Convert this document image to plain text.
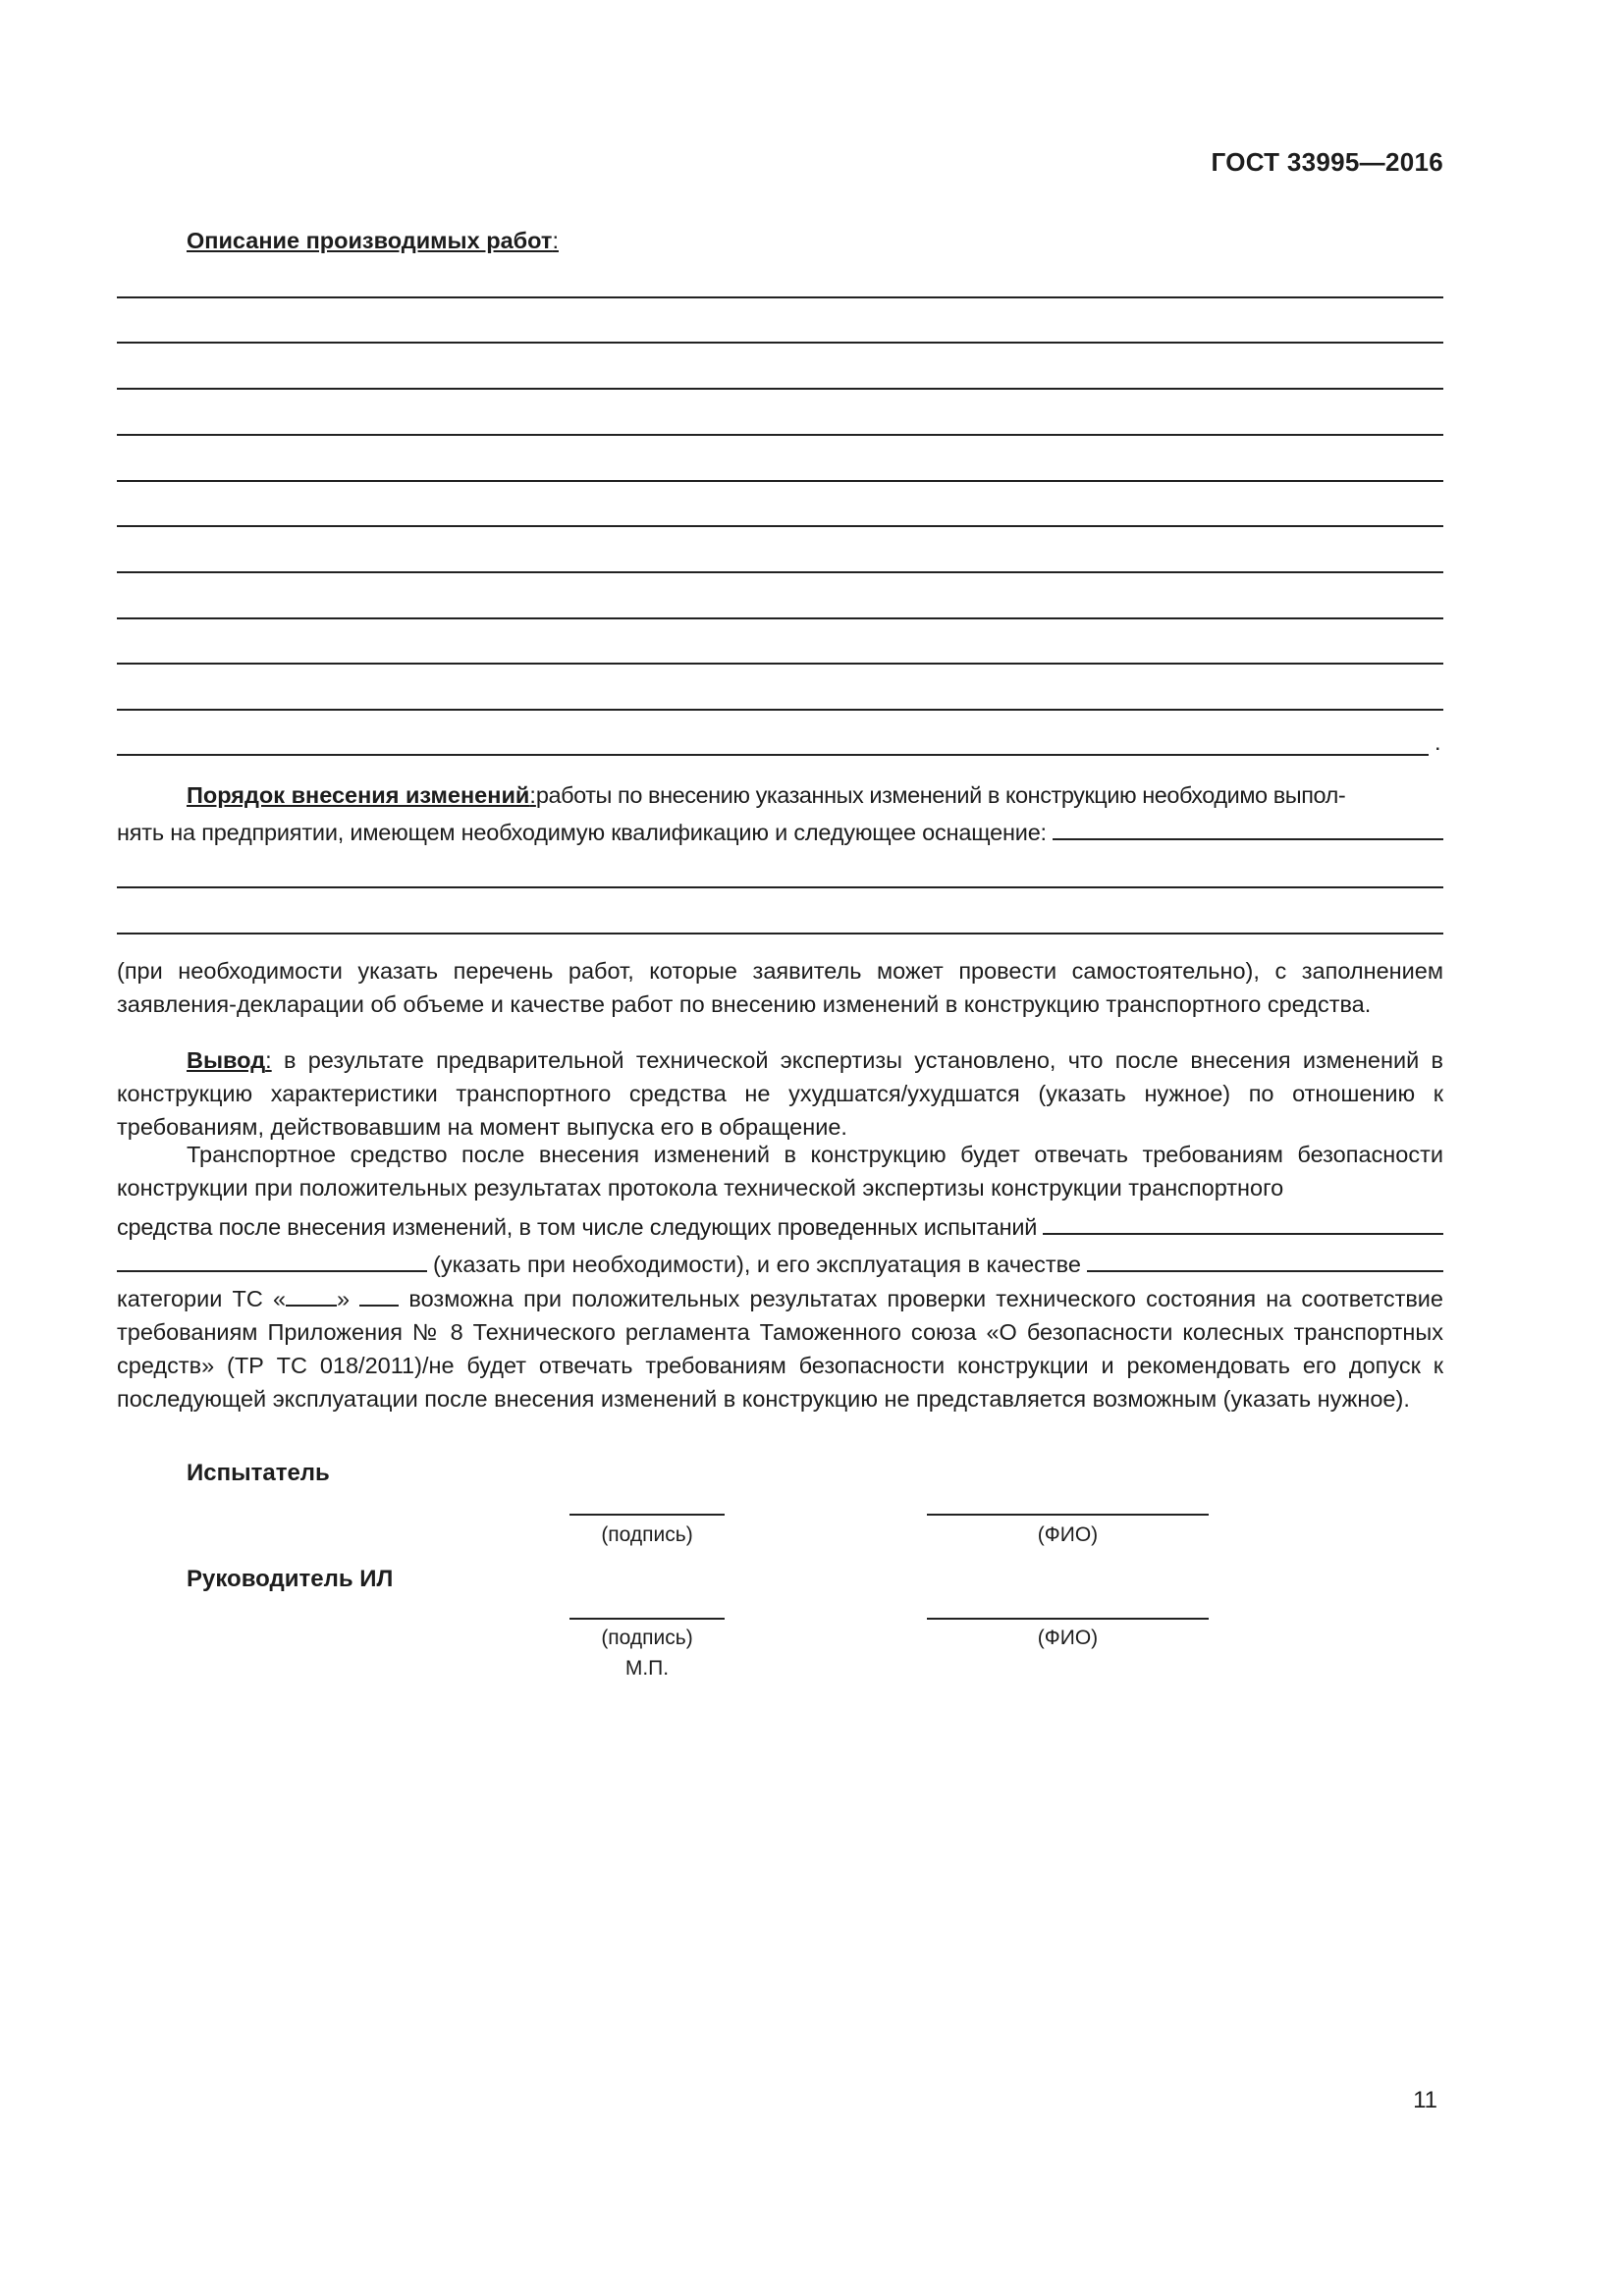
ГОСТ 33995—2016
Описание производимых работ:
.
Порядок внесения изменений : работы по внесению указанных изменений в конструкцию необходимо выпол-
нять на предприятии, имеющем необходимую квалификацию и следующее оснащение:
(при необходимости указать перечень работ, которые заявитель может провести самостоятельно), с заполнением заявления-декларации об объеме и качестве работ по внесению изменений в конструкцию транспортного средства.
Вывод: в результате предварительной технической экспертизы установлено, что после внесения изменений в конструкцию характеристики транспортного средства не ухудшатся/ухудшатся (указать нужное) по отношению к требованиям, действовавшим на момент выпуска его в обращение.
Транспортное средство после внесения изменений в конструкцию будет отвечать требованиям безопасности конструкции при положительных результатах протокола технической экспертизы конструкции транспортного
средства после внесения изменений, в том числе следующих проведенных испытаний
(указать при необходимости), и его эксплуатация в качестве
категории ТС « »  возможна при положительных результатах проверки технического состояния на соответствие требованиям Приложения № 8 Технического регламента Таможенного союза «О безопасности колесных транспортных средств» (ТР ТС 018/2011)/не будет отвечать требованиям безопасности конструкции и рекомендовать его допуск к последующей эксплуатации после внесения изменений в конструкцию не представляется возможным (указать нужное).
Испытатель
(подпись)	(ФИО)
Руководитель ИЛ
(подпись)	(ФИО)
М.П.
11
